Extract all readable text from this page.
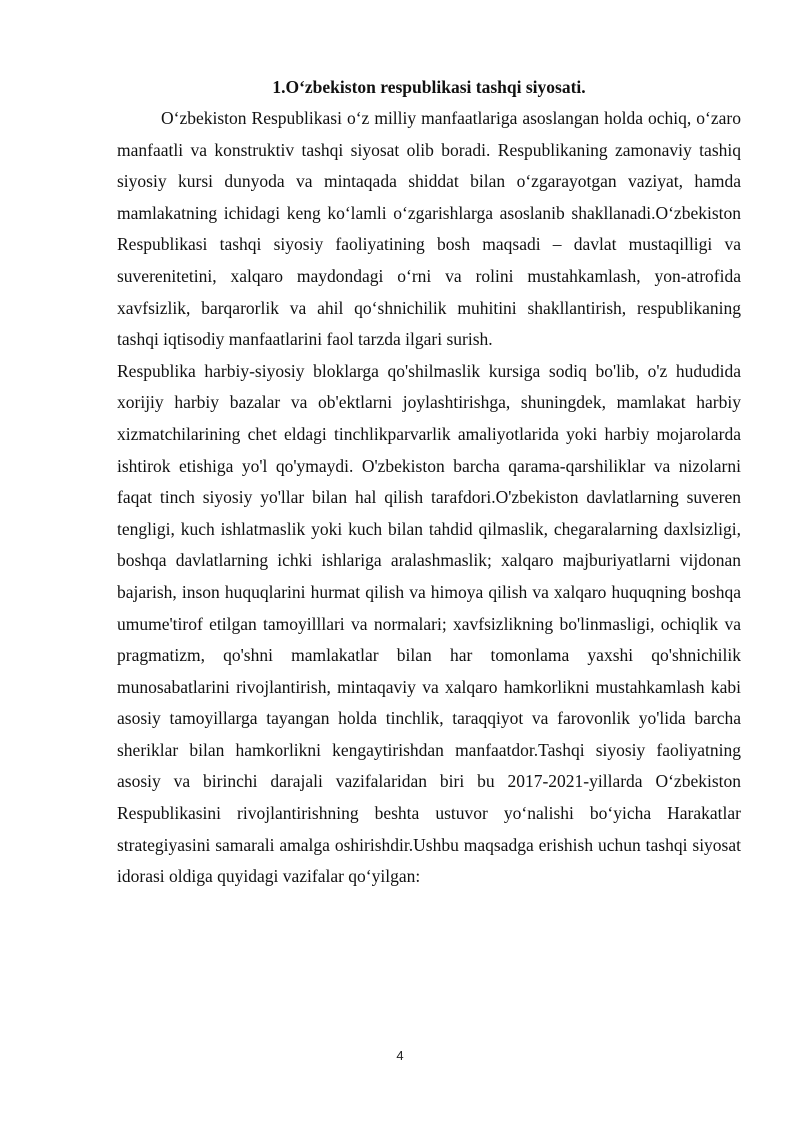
1.O‘zbekiston respublikasi tashqi siyosati.

O‘zbekiston Respublikasi o‘z milliy manfaatlariga asoslangan holda ochiq, o‘zaro manfaatli va konstruktiv tashqi siyosat olib boradi. Respublikaning zamonaviy tashiq siyosiy kursi dunyoda va mintaqada shiddat bilan o‘zgarayotgan vaziyat, hamda mamlakatning ichidagi keng ko‘lamli o‘zgarishlarga asoslanib shakllanadi.O‘zbekiston Respublikasi tashqi siyosiy faoliyatining bosh maqsadi – davlat mustaqilligi va suverenitetini, xalqaro maydondagi o‘rni va rolini mustahkamlash, yon-atrofida xavfsizlik, barqarorlik va ahil qo‘shnichilik muhitini shakllantirish, respublikaning tashqi iqtisodiy manfaatlarini faol tarzda ilgari surish.

Respublika harbiy-siyosiy bloklarga qo'shilmaslik kursiga sodiq bo'lib, o'z hududida xorijiy harbiy bazalar va ob'ektlarni joylashtirishga, shuningdek, mamlakat harbiy xizmatchilarining chet eldagi tinchlikparvarlik amaliyotlarida yoki harbiy mojarolarda ishtirok etishiga yo'l qo'ymaydi. O'zbekiston barcha qarama-qarshiliklar va nizolarni faqat tinch siyosiy yo'llar bilan hal qilish tarafdori.O'zbekiston davlatlarning suveren tengligi, kuch ishlatmaslik yoki kuch bilan tahdid qilmaslik, chegaralarning daxlsizligi, boshqa davlatlarning ichki ishlariga aralashmaslik; xalqaro majburiyatlarni vijdonan bajarish, inson huquqlarini hurmat qilish va himoya qilish va xalqaro huquqning boshqa umume'tirof etilgan tamoyilllari va normalari; xavfsizlikning bo'linmasligi, ochiqlik va pragmatizm, qo'shni mamlakatlar bilan har tomonlama yaxshi qo'shnichilik munosabatlarini rivojlantirish, mintaqaviy va xalqaro hamkorlikni mustahkamlash kabi asosiy tamoyillarga tayangan holda tinchlik, taraqqiyot va farovonlik yo'lida barcha sheriklar bilan hamkorlikni kengaytirishdan manfaatdor.Tashqi siyosiy faoliyatning asosiy va birinchi darajali vazifalaridan biri bu 2017-2021-yillarda O‘zbekiston Respublikasini rivojlantirishning beshta ustuvor yo‘nalishi bo‘yicha Harakatlar strategiyasini samarali amalga oshirishdir.Ushbu maqsadga erishish uchun tashqi siyosat idorasi oldiga quyidagi vazifalar qo‘yilgan:

4
